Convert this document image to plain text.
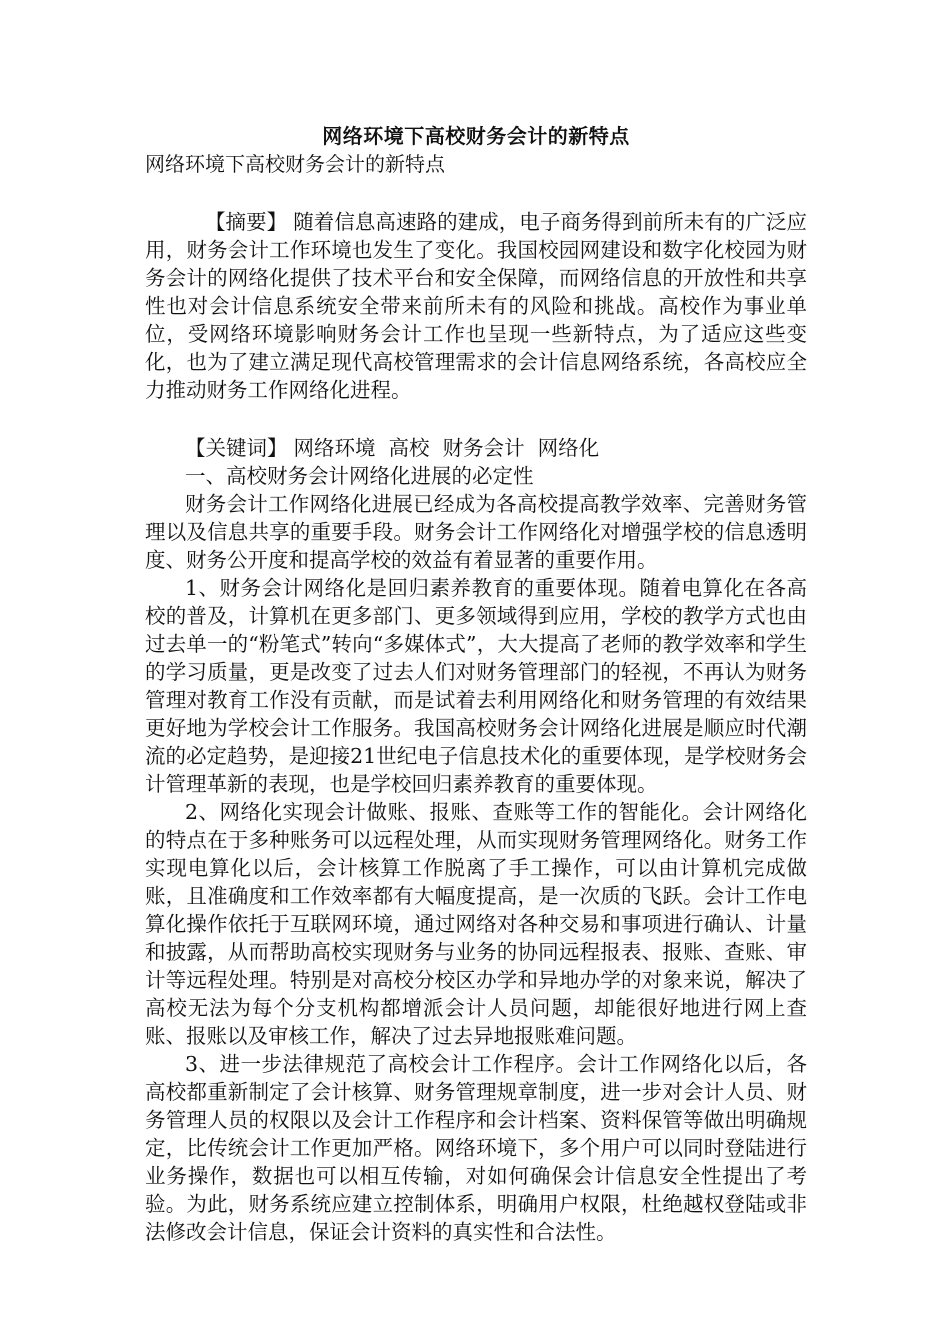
网络环境下高校财务会计的新特点

网络环境下高校财务会计的新特点

【摘要】 随着信息高速路的建成，电子商务得到前所未有的广泛应用，财务会计工作环境也发生了变化。我国校园网建设和数字化校园为财务会计的网络化提供了技术平台和安全保障，而网络信息的开放性和共享性也对会计信息系统安全带来前所未有的风险和挑战。高校作为事业单位，受网络环境影响财务会计工作也呈现一些新特点，为了适应这些变化，也为了建立满足现代高校管理需求的会计信息网络系统，各高校应全力推动财务工作网络化进程。

【关键词】 网络环境  高校  财务会计  网络化

一、高校财务会计网络化进展的必定性

财务会计工作网络化进展已经成为各高校提高教学效率、完善财务管理以及信息共享的重要手段。财务会计工作网络化对增强学校的信息透明度、财务公开度和提高学校的效益有着显著的重要作用。

1、财务会计网络化是回归素养教育的重要体现。随着电算化在各高校的普及，计算机在更多部门、更多领域得到应用，学校的教学方式也由过去单一的“粉笔式”转向“多媒体式”，大大提高了老师的教学效率和学生的学习质量，更是改变了过去人们对财务管理部门的轻视，不再认为财务管理对教育工作没有贡献，而是试着去利用网络化和财务管理的有效结果更好地为学校会计工作服务。我国高校财务会计网络化进展是顺应时代潮流的必定趋势，是迎接21世纪电子信息技术化的重要体现，是学校财务会计管理革新的表现，也是学校回归素养教育的重要体现。

2、网络化实现会计做账、报账、查账等工作的智能化。会计网络化的特点在于多种账务可以远程处理，从而实现财务管理网络化。财务工作实现电算化以后，会计核算工作脱离了手工操作，可以由计算机完成做账，且准确度和工作效率都有大幅度提高，是一次质的飞跃。会计工作电算化操作依托于互联网环境，通过网络对各种交易和事项进行确认、计量和披露，从而帮助高校实现财务与业务的协同远程报表、报账、查账、审计等远程处理。特别是对高校分校区办学和异地办学的对象来说，解决了高校无法为每个分支机构都增派会计人员问题，却能很好地进行网上查账、报账以及审核工作，解决了过去异地报账难问题。

3、进一步法律规范了高校会计工作程序。会计工作网络化以后，各高校都重新制定了会计核算、财务管理规章制度，进一步对会计人员、财务管理人员的权限以及会计工作程序和会计档案、资料保管等做出明确规定，比传统会计工作更加严格。网络环境下，多个用户可以同时登陆进行业务操作，数据也可以相互传输，对如何确保会计信息安全性提出了考验。为此，财务系统应建立控制体系，明确用户权限，杜绝越权登陆或非法修改会计信息，保证会计资料的真实性和合法性。
